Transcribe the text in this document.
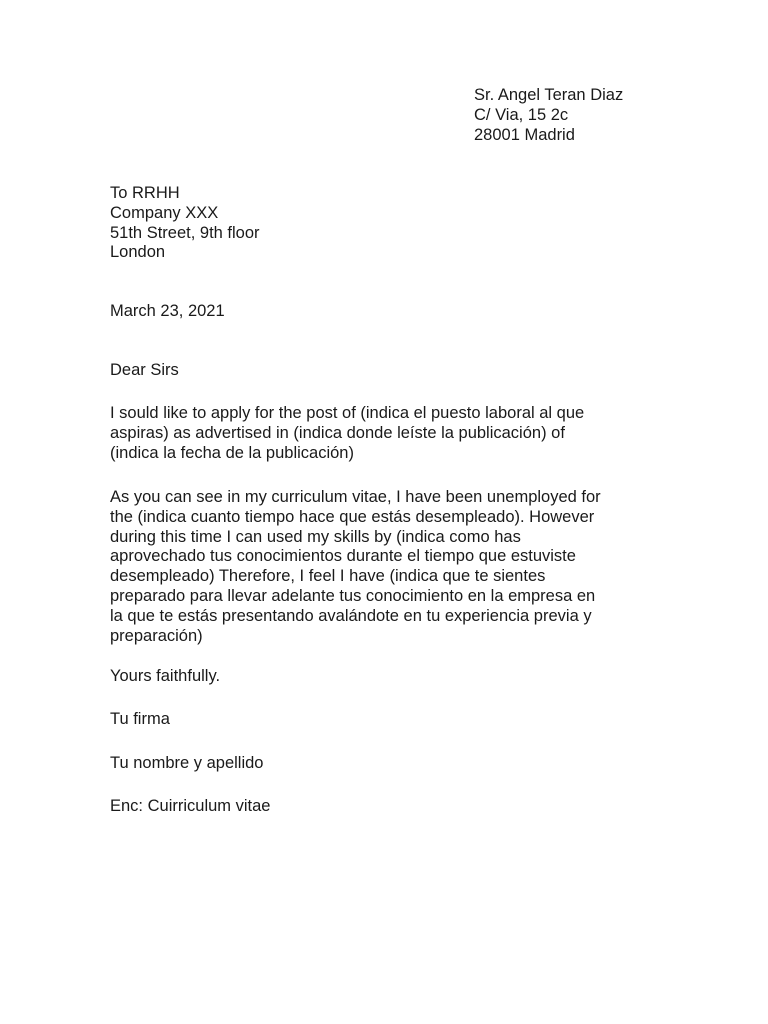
Sr. Angel Teran Diaz
C/ Via, 15 2c
28001 Madrid
To RRHH
Company XXX
51th Street, 9th floor
London
March 23, 2021
Dear Sirs
I sould like to apply for the post of (indica el puesto laboral al que
aspiras) as advertised in (indica donde leíste la publicación) of
(indica la fecha de la publicación)
As you can see in my curriculum vitae, I have been unemployed for
the (indica cuanto tiempo hace que estás desempleado). However
during this time I can used my skills by (indica como has
aprovechado tus conocimientos durante el tiempo que estuviste
desempleado) Therefore, I feel I have (indica que te sientes
preparado para llevar adelante tus conocimiento en la empresa en
la que te estás presentando avalándote en tu experiencia previa y
preparación)
Yours faithfully.
Tu firma
Tu nombre y apellido
Enc: Cuirriculum vitae
